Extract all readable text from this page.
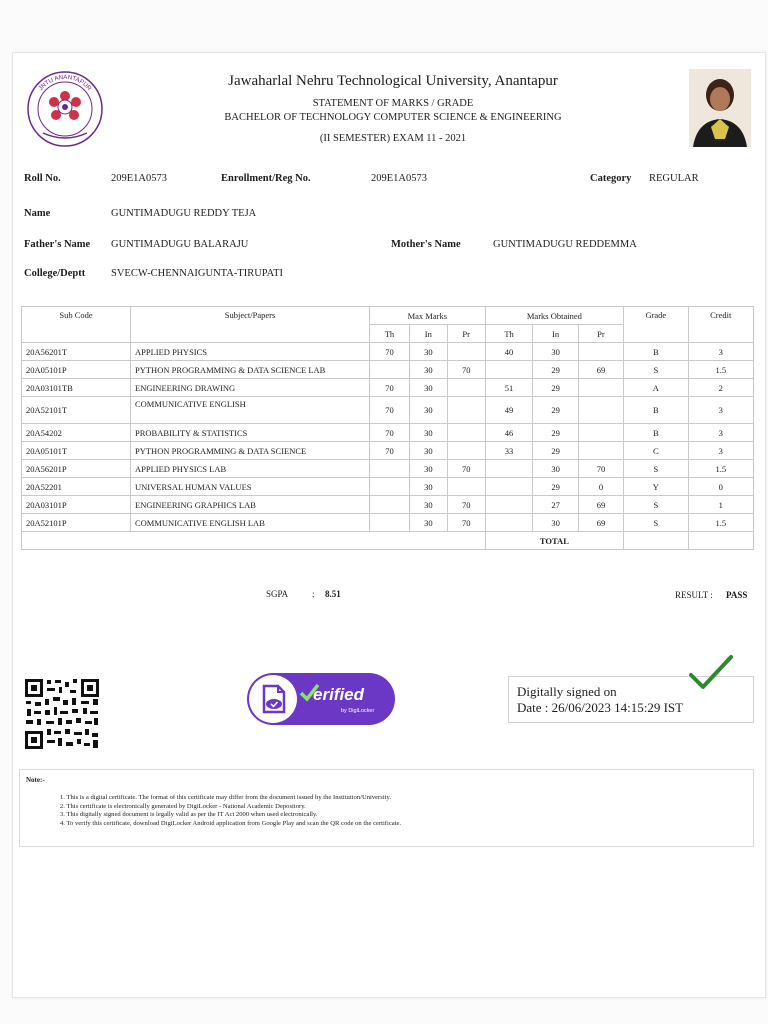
JNTU ANANTAPUR	Jawaharlal Nehru Technological University, Anantapur
STATEMENT OF MARKS / GRADE
BACHELOR OF TECHNOLOGY COMPUTER SCIENCE & ENGINEERING
(II SEMESTER) EXAM 11 - 2021
Roll No.	209E1A0573	Enrollment/Reg No.	209E1A0573	Category REGULAR
Name	GUNTIMADUGU REDDY TEJA
Father's Name GUNTIMADUGU BALARAJU	Mother's Name	GUNTIMADUGU REDDEMMA
College/Deptt SVECW-CHENNAIGUNTA-TIRUPATI
Sub Code	Subject/Papers	Max Marks			Marks Obtained			Grade	Credit
		Th	In	Pr	Th	In	Pr		
20A56201T	APPLIED PHYSICS	70	30		40	30		B	3
20A05101P	PYTHON PROGRAMMING & DATA SCIENCE LAB		30	70		29	69	S	1.5
20A03101TB	ENGINEERING DRAWING	70	30		51	29		A	2
20A52101T	COMMUNICATIVE ENGLISH	70	30		49	29		B	3
20A54202	PROBABILITY & STATISTICS	70	30		46	29		B	3
20A05101T	PYTHON PROGRAMMING & DATA SCIENCE	70	30		33	29		C	3
20A56201P	APPLIED PHYSICS LAB		30	70		30	70	S	1.5
20A52201	UNIVERSAL HUMAN VALUES		30			29	0	Y	0
20A03101P	ENGINEERING GRAPHICS LAB		30	70		27	69	S	1
20A52101P	COMMUNICATIVE ENGLISH LAB		30	70		30	69	S	1.5
					TOTAL				
SGPA	: 8.51	RESULT : PASS
erified
by DigiLocker
Digitally signed on
Date : 26/06/2023 14:15:29 IST
Note:-
1. This is a digital certificate. The format of this certificate may differ from the document issued by the Institution/University.
2. This certificate is electronically generated by DigiLocker - National Academic Depository.
3. This digitally signed document is legally valid as per the IT Act 2000 when used electronically.
4. To verify this certificate, download DigiLocker Android application from Google Play and scan the QR code on the certificate.
